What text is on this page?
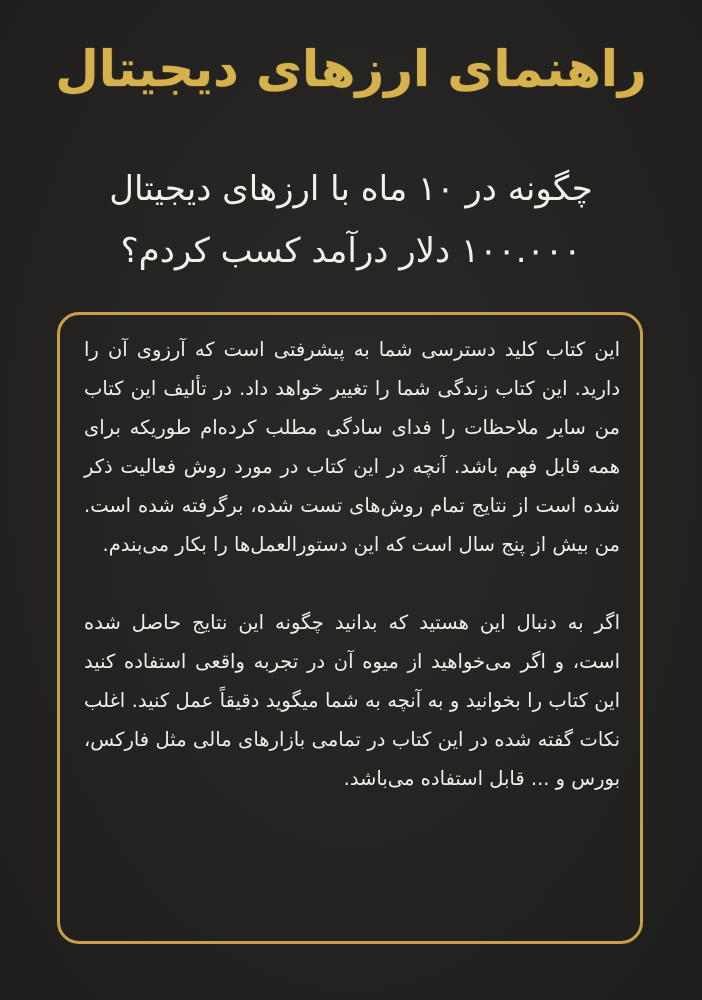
راهنمای ارزهای دیجیتال
چگونه در ۱۰ ماه با ارزهای دیجیتال
۱۰۰.۰۰۰ دلار درآمد کسب کردم؟

این کتاب کلید دسترسی شما به پیشرفتی است که آرزوی آن را دارید. این کتاب زندگی شما را تغییر خواهد داد. در تألیف این کتاب من سایر ملاحظات را فدای سادگی مطلب کرده‌ام طوریکه برای همه قابل فهم باشد. آنچه در این کتاب در مورد روش فعالیت ذکر شده است از نتایج تمام روش‌های تست شده، برگرفته شده است. من بیش از پنج سال است که این دستورالعمل‌ها را بکار می‌بندم.

اگر به دنبال این هستید که بدانید چگونه این نتایج حاصل شده است، و اگر می‌خواهید از میوه آن در تجربه واقعی استفاده کنید این کتاب را بخوانید و به آنچه به شما میگوید دقیقاً عمل کنید. اغلب نکات گفته شده در این کتاب در تمامی بازارهای مالی مثل فارکس، بورس و ... قابل استفاده می‌باشد.
